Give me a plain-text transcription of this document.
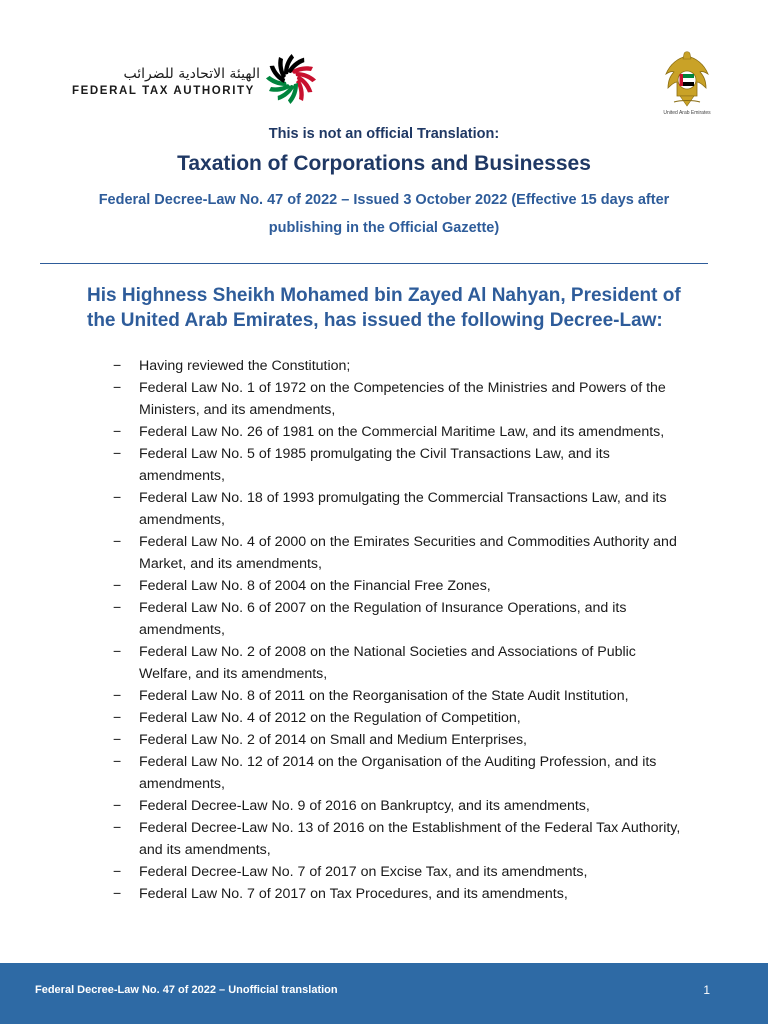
الهيئة الاتحادية للضرائب
FEDERAL TAX AUTHORITY
United Arab Emirates
This is not an official Translation:
Taxation of Corporations and Businesses
Federal Decree-Law No. 47 of 2022 – Issued 3 October 2022 (Effective 15 days after publishing in the Official Gazette)
His Highness Sheikh Mohamed bin Zayed Al Nahyan, President of the United Arab Emirates, has issued the following Decree-Law:
− Having reviewed the Constitution;
− Federal Law No. 1 of 1972 on the Competencies of the Ministries and Powers of the Ministers, and its amendments,
− Federal Law No. 26 of 1981 on the Commercial Maritime Law, and its amendments,
− Federal Law No. 5 of 1985 promulgating the Civil Transactions Law, and its amendments,
− Federal Law No. 18 of 1993 promulgating the Commercial Transactions Law, and its amendments,
− Federal Law No. 4 of 2000 on the Emirates Securities and Commodities Authority and Market, and its amendments,
− Federal Law No. 8 of 2004 on the Financial Free Zones,
− Federal Law No. 6 of 2007 on the Regulation of Insurance Operations, and its amendments,
− Federal Law No. 2 of 2008 on the National Societies and Associations of Public Welfare, and its amendments,
− Federal Law No. 8 of 2011 on the Reorganisation of the State Audit Institution,
− Federal Law No. 4 of 2012 on the Regulation of Competition,
− Federal Law No. 2 of 2014 on Small and Medium Enterprises,
− Federal Law No. 12 of 2014 on the Organisation of the Auditing Profession, and its amendments,
− Federal Decree-Law No. 9 of 2016 on Bankruptcy, and its amendments,
− Federal Decree-Law No. 13 of 2016 on the Establishment of the Federal Tax Authority, and its amendments,
− Federal Decree-Law No. 7 of 2017 on Excise Tax, and its amendments,
− Federal Law No. 7 of 2017 on Tax Procedures, and its amendments,
Federal Decree-Law No. 47 of 2022 – Unofficial translation	1
